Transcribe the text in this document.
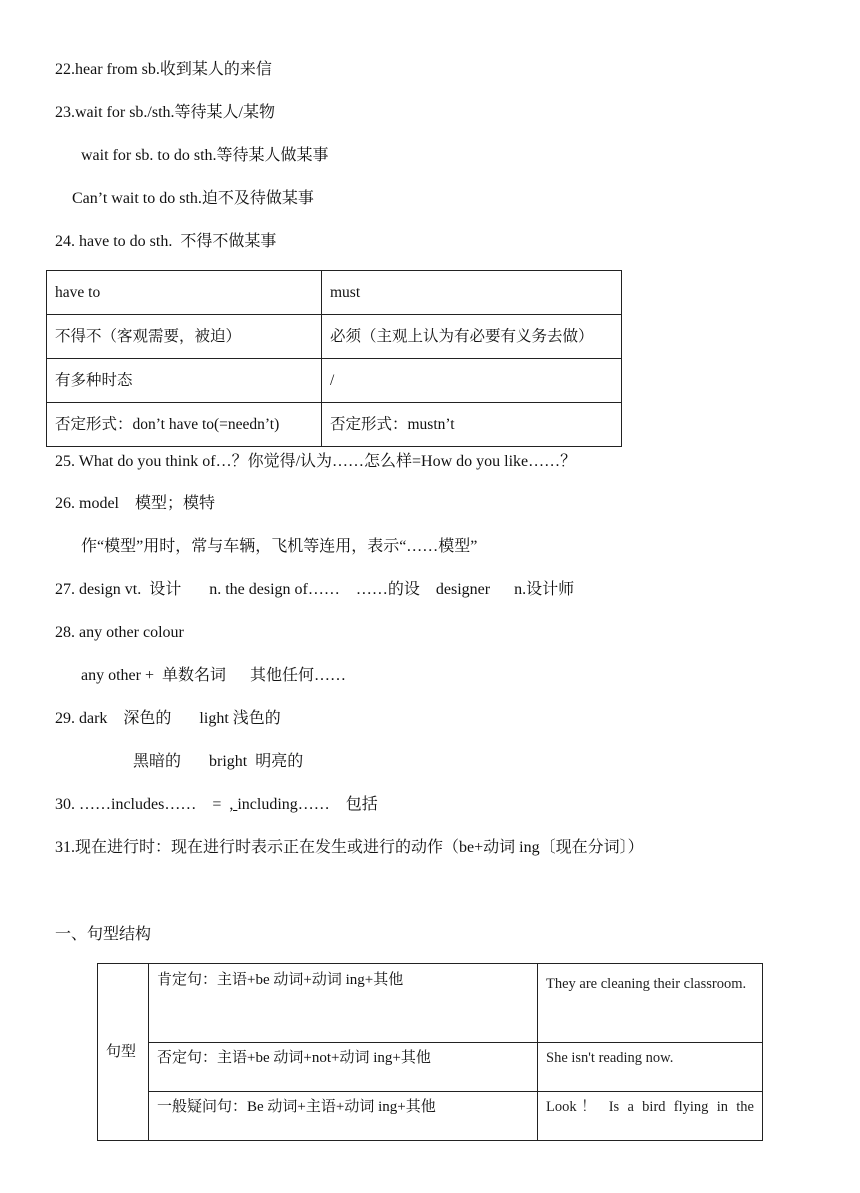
22.hear from sb.收到某人的来信
23.wait for sb./sth.等待某人/某物
wait for sb. to do sth.等待某人做某事
Can’t wait to do sth.迫不及待做某事
24. have to do sth.  不得不做某事
have to	must
不得不（客观需要，被迫）	必须（主观上认为有必要有义务去做）
有多种时态	/
否定形式：don’t have to(=needn’t)	否定形式：mustn’t
25. What do you think of…？你觉得/认为……怎么样=How do you like……？
26. model    模型；模特
作“模型”用时，常与车辆，飞机等连用，表示“……模型”
27. design vt.  设计       n. the design of……    ……的设    designer      n.设计师
28. any other colour
any other +  单数名词      其他任何……
29. dark    深色的       light 浅色的
黑暗的       bright  明亮的
30. ……includes……    =  , including……    包括
31.现在进行时：现在进行时表示正在发生或进行的动作（be+动词 ing〔现在分词〕）
一、句型结构
句型	肯定句：主语+be 动词+动词 ing+其他	They are cleaning their classroom.
	否定句：主语+be 动词+not+动词 ing+其他	She isn't reading now.
	一般疑问句：Be 动词+主语+动词 ing+其他	Look！ Is a bird flying in the
